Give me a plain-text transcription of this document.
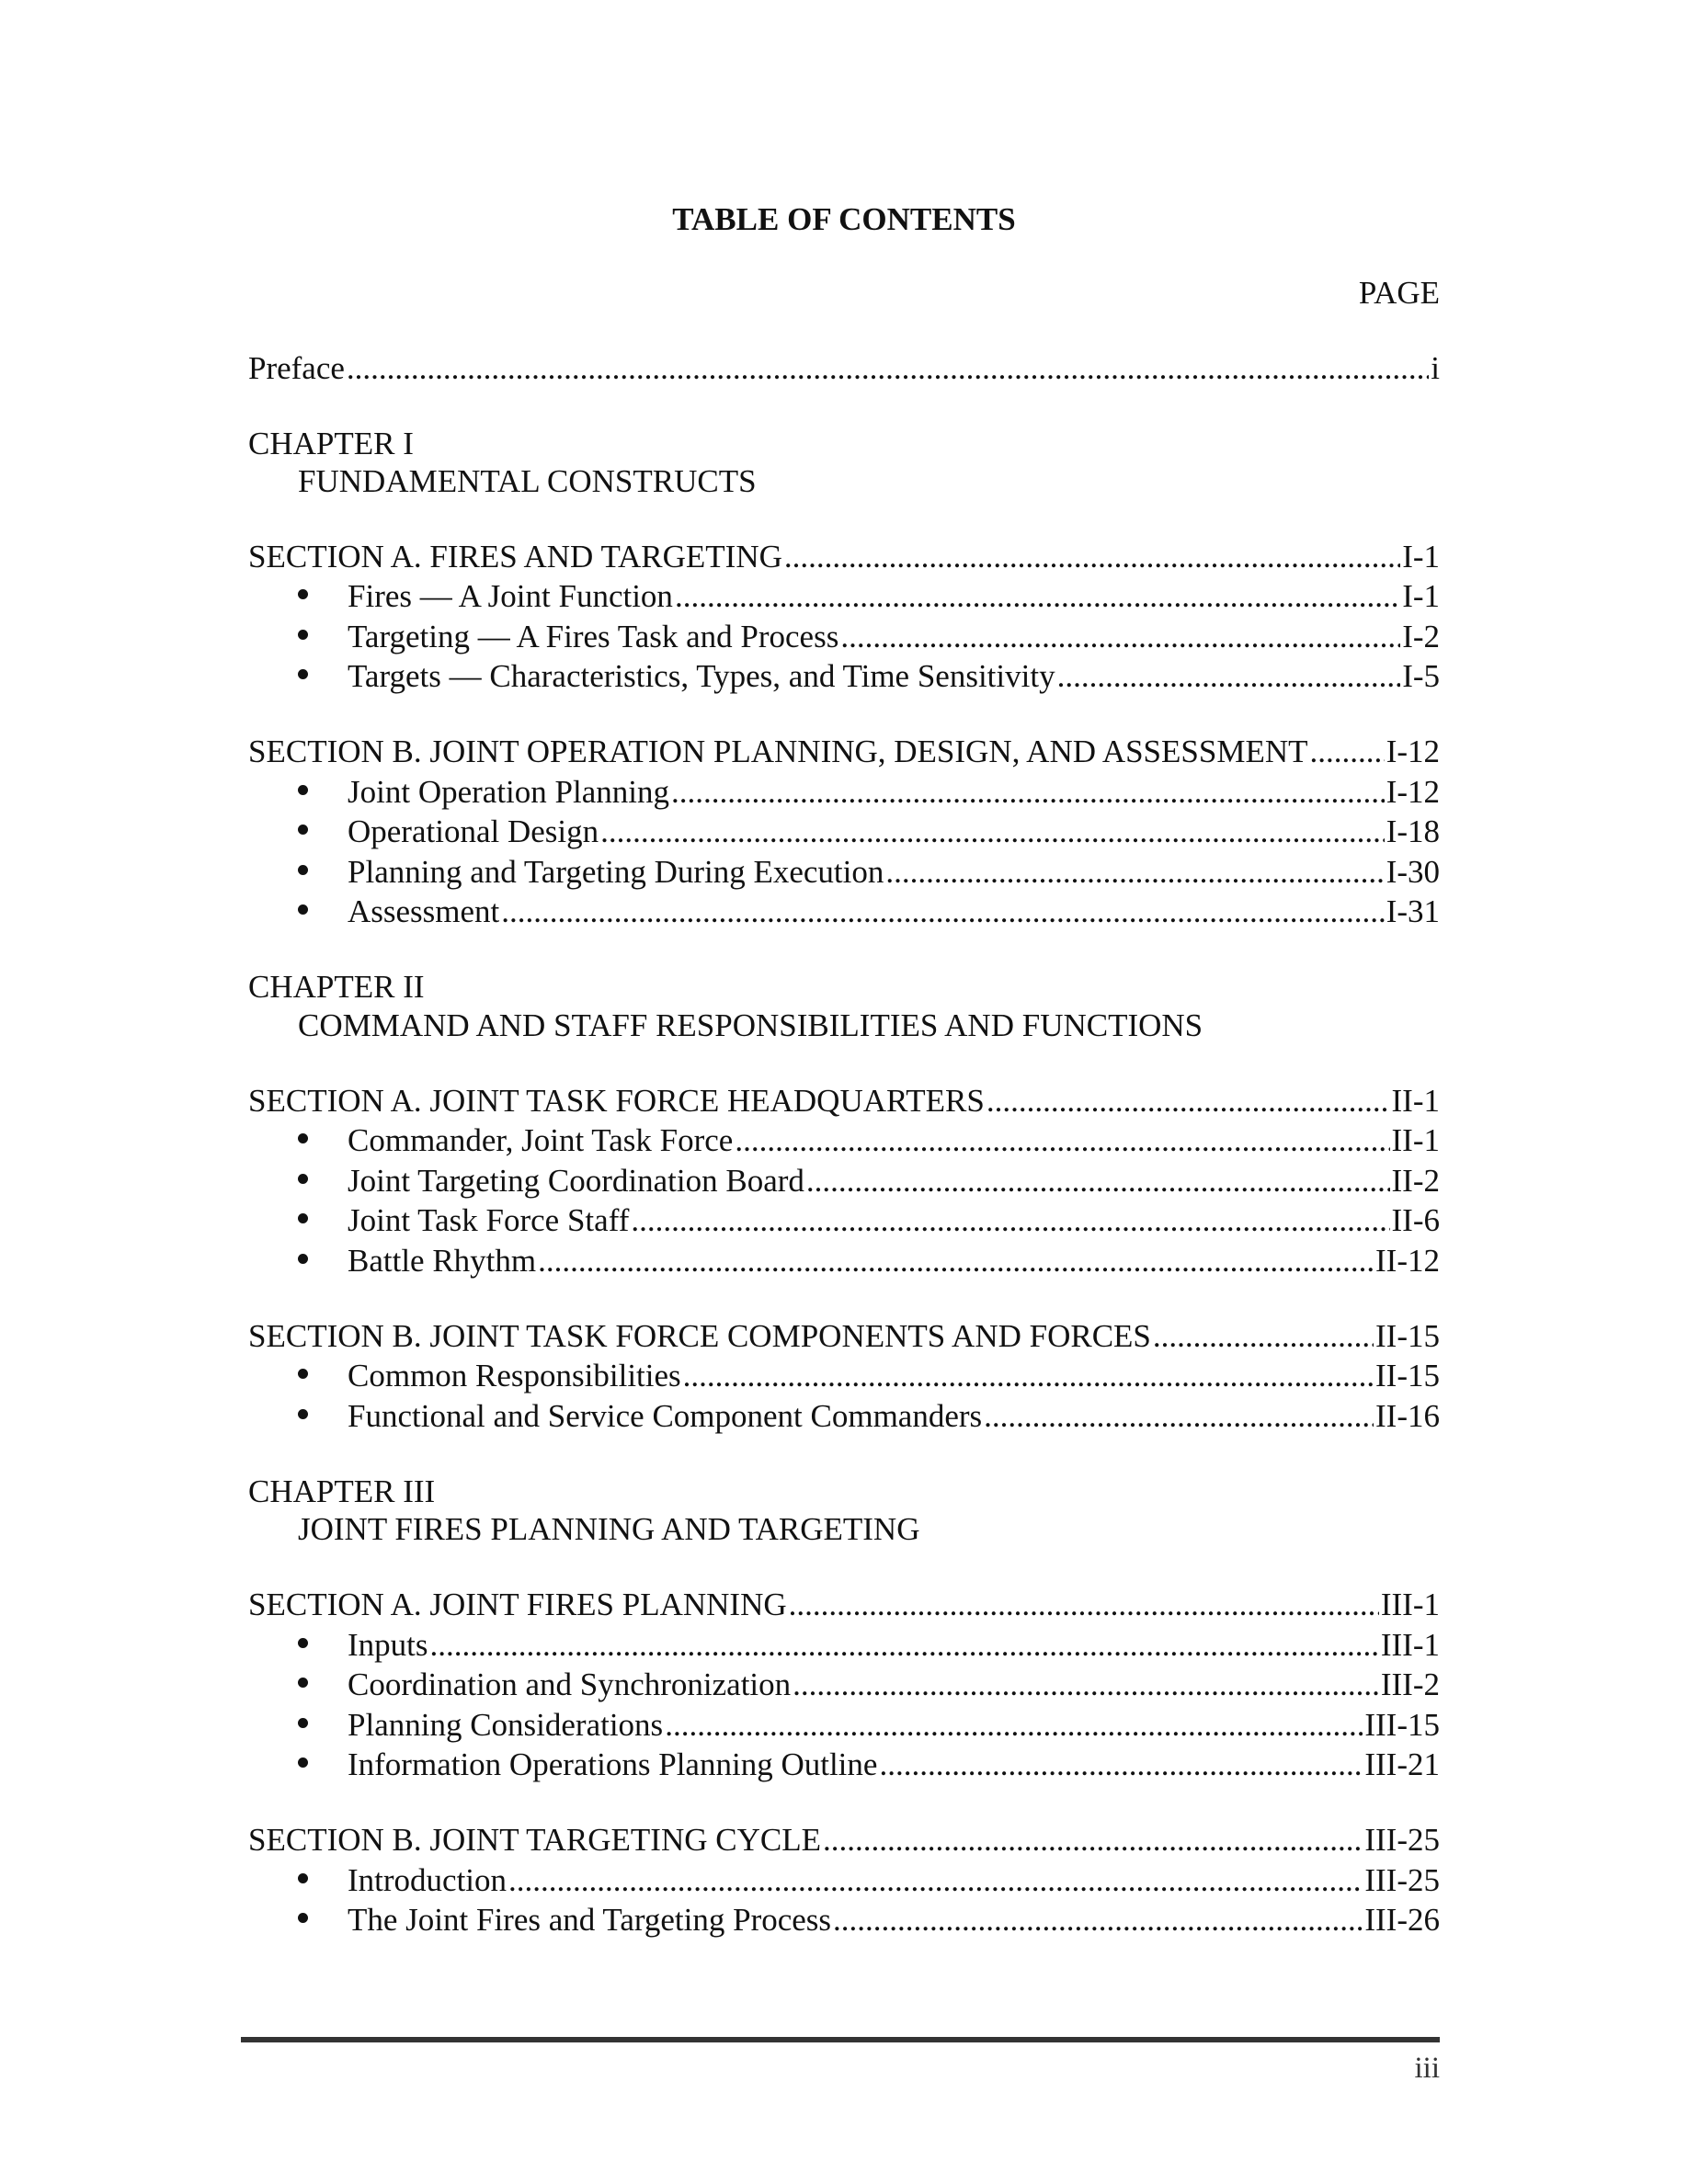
TABLE OF CONTENTS
PAGE
Preface .....	i
CHAPTER I
FUNDAMENTAL CONSTRUCTS
SECTION A. FIRES AND TARGETING .....	I-1
Fires — A Joint Function .....	I-1
Targeting — A Fires Task and Process .....	I-2
Targets — Characteristics, Types, and Time Sensitivity .....	I-5
SECTION B. JOINT OPERATION PLANNING, DESIGN, AND ASSESSMENT ..... I-12
Joint Operation Planning .....	I-12
Operational Design .....	I-18
Planning and Targeting During Execution .....	I-30
Assessment .....	I-31
CHAPTER II
COMMAND AND STAFF RESPONSIBILITIES AND FUNCTIONS
SECTION A. JOINT TASK FORCE HEADQUARTERS .....	II-1
Commander, Joint Task Force .....	II-1
Joint Targeting Coordination Board .....	II-2
Joint Task Force Staff .....	II-6
Battle Rhythm .....	II-12
SECTION B. JOINT TASK FORCE COMPONENTS AND FORCES .....	II-15
Common Responsibilities .....	II-15
Functional and Service Component Commanders .....	II-16
CHAPTER III
JOINT FIRES PLANNING AND TARGETING
SECTION A. JOINT FIRES PLANNING .....	III-1
Inputs .....	III-1
Coordination and Synchronization .....	III-2
Planning Considerations .....	III-15
Information Operations Planning Outline .....	III-21
SECTION B. JOINT TARGETING CYCLE .....	III-25
Introduction .....	III-25
The Joint Fires and Targeting Process .....	III-26
iii
